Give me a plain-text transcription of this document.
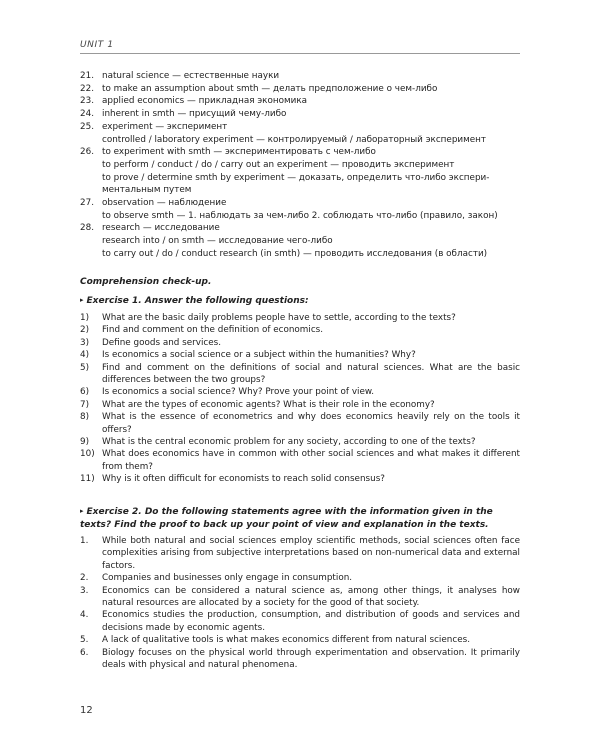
UNIT 1
21. natural science — естественные науки
22. to make an assumption about smth — делать предположение о чем-либо
23. applied economics — прикладная экономика
24. inherent in smth — присущий чему-либо
25. experiment — эксперимент
controlled / laboratory experiment — контролируемый / лабораторный эксперимент
26. to experiment with smth — экспериментировать с чем-либо
to perform / conduct / do / carry out an experiment — проводить эксперимент
to prove / determine smth by experiment — доказать, определить что-либо экспери-
ментальным путем
27. observation — наблюдение
to observe smth — 1. наблюдать за чем-либо 2. соблюдать что-либо (правило, закон)
28. research — исследование
research into / on smth — исследование чего-либо
to carry out / do / conduct research (in smth) — проводить исследования (в области)
Comprehension check-up.
▸ Exercise 1. Answer the following questions:
1)	What are the basic daily problems people have to settle, according to the texts?
2)	Find and comment on the definition of economics.
3)	Define goods and services.
4)	Is economics a social science or a subject within the humanities? Why?
5)	Find and comment on the definitions of social and natural sciences. What are the basic differences between the two groups?
6)	Is economics a social science? Why? Prove your point of view.
7)	What are the types of economic agents? What is their role in the economy?
8)	What is the essence of econometrics and why does economics heavily rely on the tools it offers?
9)	What is the central economic problem for any society, according to one of the texts?
10) What does economics have in common with other social sciences and what makes it different from them?
11) Why is it often difficult for economists to reach solid consensus?
▸ Exercise 2. Do the following statements agree with the information given in the texts? Find the proof to back up your point of view and explanation in the texts.
1.	While both natural and social sciences employ scientific methods, social sciences often face complexities arising from subjective interpretations based on non-numerical data and external factors.
2.	Companies and businesses only engage in consumption.
3.	Economics can be considered a natural science as, among other things, it analyses how natural resources are allocated by a society for the good of that society.
4.	Economics studies the production, consumption, and distribution of goods and services and decisions made by economic agents.
5.	A lack of qualitative tools is what makes economics different from natural sciences.
6.	Biology focuses on the physical world through experimentation and observation. It primarily deals with physical and natural phenomena.
12
